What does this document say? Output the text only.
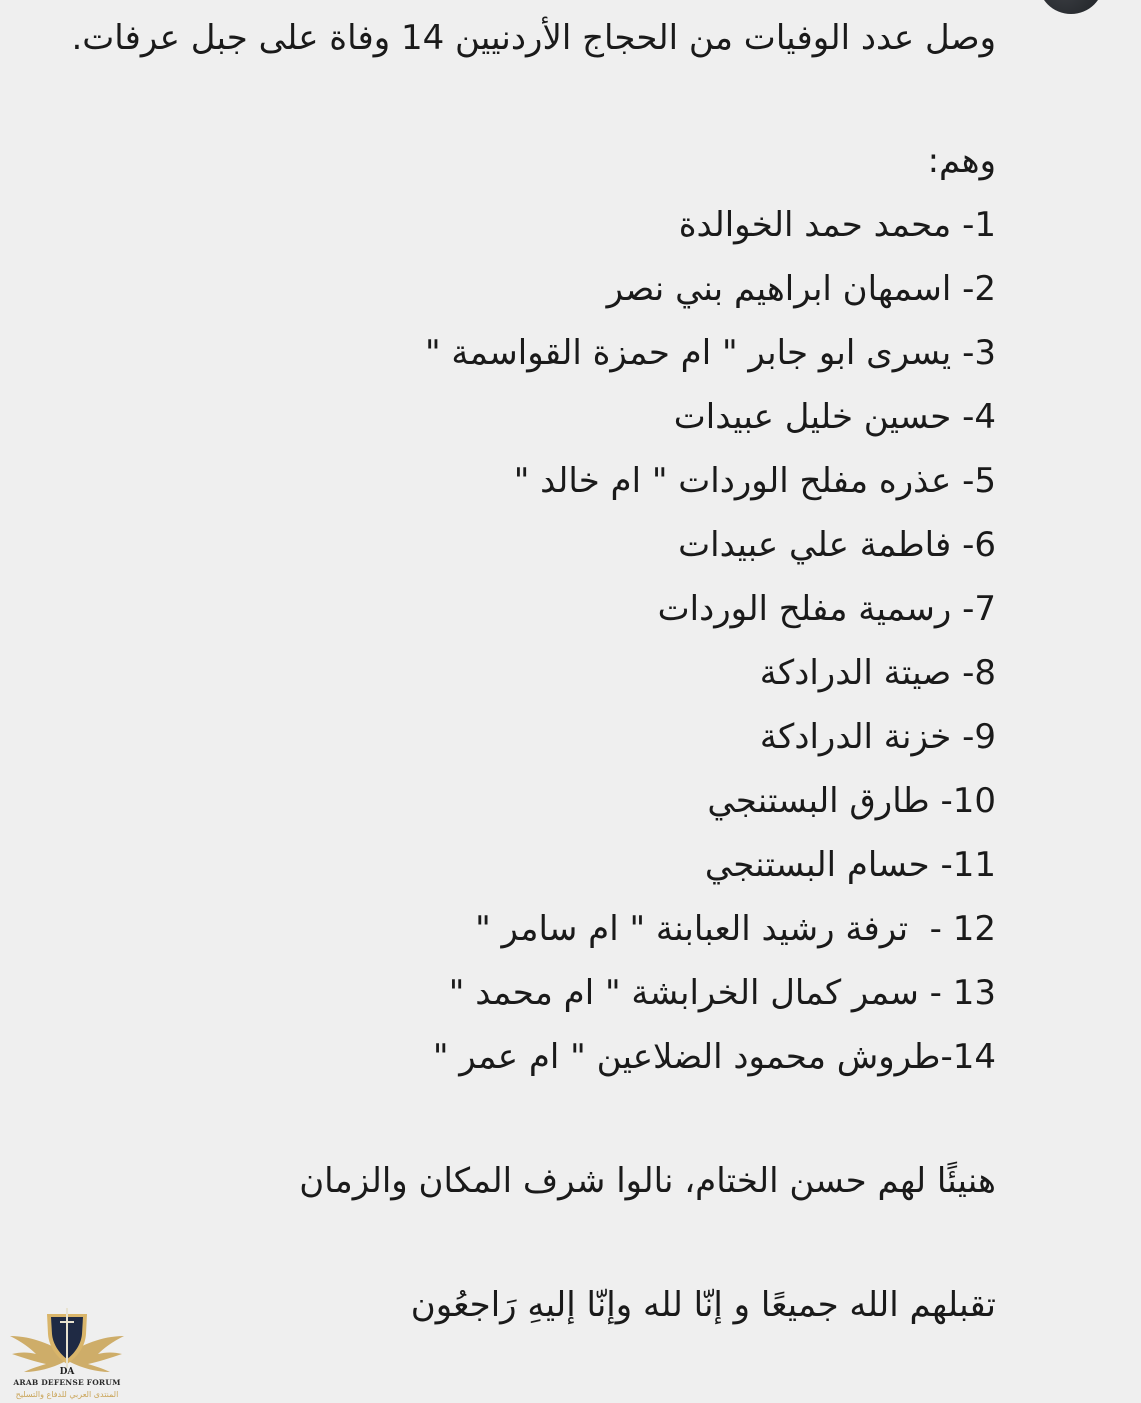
وصل عدد الوفيات من الحجاج الأردنيين 14 وفاة على جبل عرفات.

وهم:

1- محمد حمد الخوالدة
2- اسمهان ابراهيم بني نصر
3- يسرى ابو جابر " ام حمزة القواسمة "
4- حسين خليل عبيدات
5- عذره مفلح الوردات " ام خالد "
6- فاطمة علي عبيدات
7- رسمية مفلح الوردات
8- صيتة الدرادكة
9- خزنة الدرادكة
10- طارق البستنجي
11- حسام البستنجي
12 -  ترفة رشيد العبابنة " ام سامر "
13 - سمر كمال الخرابشة " ام محمد "
14-طروش محمود الضلاعين " ام عمر "

هنيئًا لهم حسن الختام، نالوا شرف المكان والزمان

تقبلهم الله جميعًا و إنّا لله وإنّا إليهِ رَاجعُون

DA
ARAB DEFENSE FORUM
المنتدى العربي للدفاع والتسليح
